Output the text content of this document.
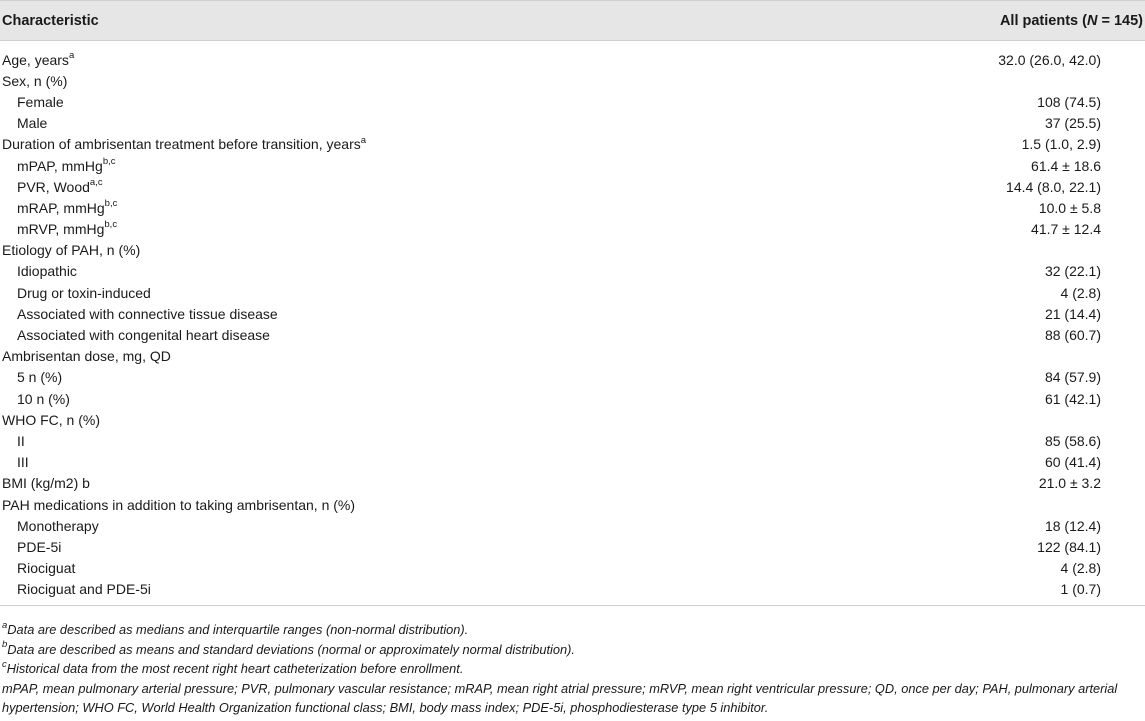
Characteristic	All patients (N = 145)
Age, years$^a$	32.0 (26.0, 42.0)
Sex, n (%)	
Female	108 (74.5)
Male	37 (25.5)
Duration of ambrisentan treatment before transition, years$^a$	1.5 (1.0, 2.9)
mPAP, mmHg$^{b,c}$	61.4 ± 18.6
PVR, Wood$^{a,c}$	14.4 (8.0, 22.1)
mRAP, mmHg$^{b,c}$	10.0 ± 5.8
mRVP, mmHg$^{b,c}$	41.7 ± 12.4
Etiology of PAH, n (%)	
Idiopathic	32 (22.1)
Drug or toxin-induced	4 (2.8)
Associated with connective tissue disease	21 (14.4)
Associated with congenital heart disease	88 (60.7)
Ambrisentan dose, mg, QD	
5 n (%)	84 (57.9)
10 n (%)	61 (42.1)
WHO FC, n (%)	
II	85 (58.6)
III	60 (41.4)
BMI (kg/m2) b	21.0 ± 3.2
PAH medications in addition to taking ambrisentan, n (%)	
Monotherapy	18 (12.4)
PDE-5i	122 (84.1)
Riociguat	4 (2.8)
Riociguat and PDE-5i	1 (0.7)

$^a$Data are described as medians and interquartile ranges (non-normal distribution).

$^b$Data are described as means and standard deviations (normal or approximately normal distribution).

$^c$Historical data from the most recent right heart catheterization before enrollment.

mPAP, mean pulmonary arterial pressure; PVR, pulmonary vascular resistance; mRAP, mean right atrial pressure; mRVP, mean right ventricular pressure; QD, once per day; PAH, pulmonary arterial hypertension; WHO FC, World Health Organization functional class; BMI, body mass index; PDE-5i, phosphodiesterase type 5 inhibitor.
